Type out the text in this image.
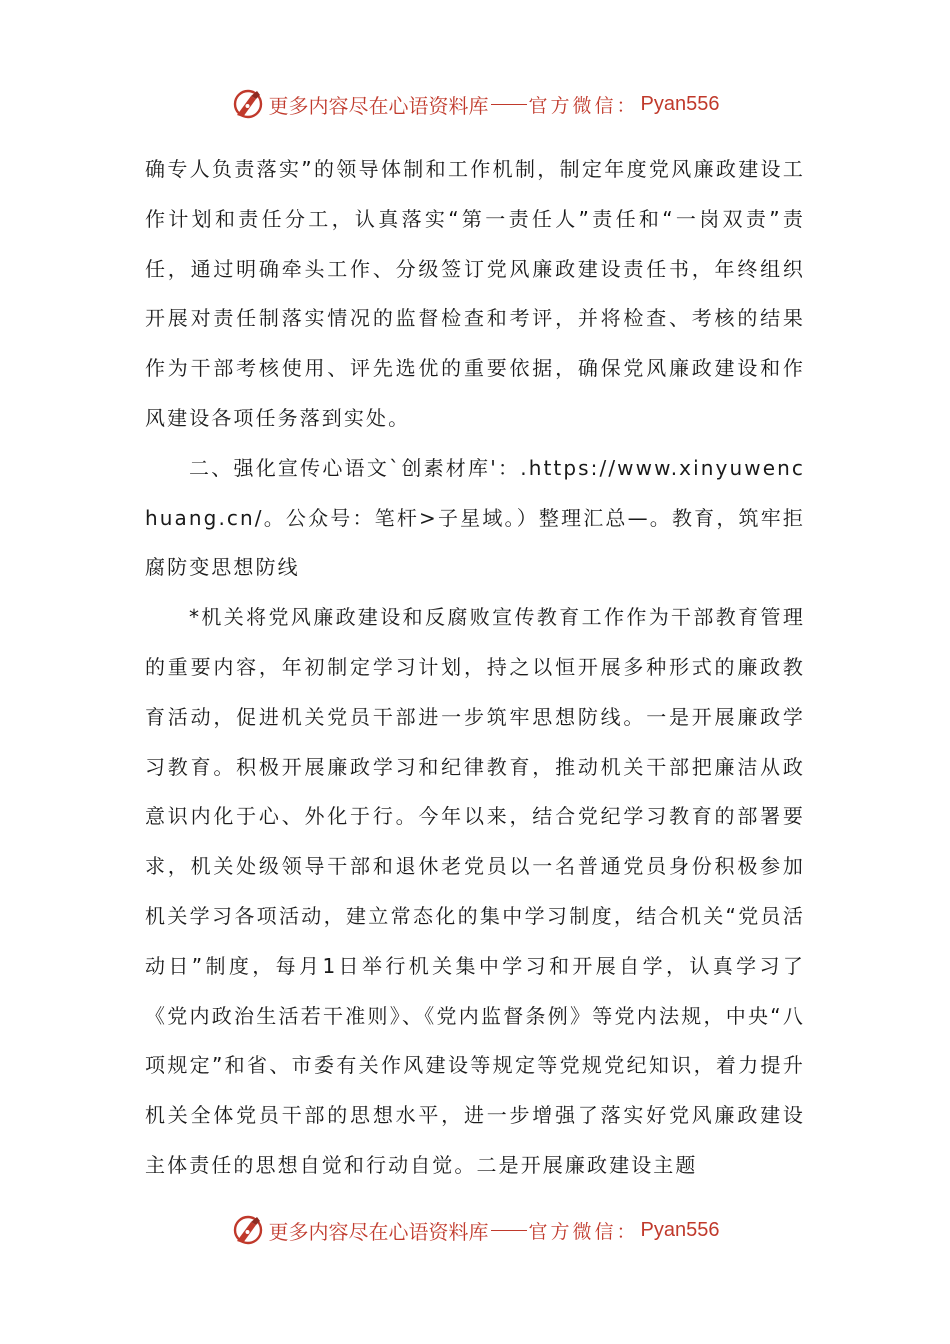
更多内容尽在心语资料库 官方微信： Pyan556

确专人负责落实”的领导体制和工作机制，制定年度党风廉政建设工作计划和责任分工，认真落实“第一责任人”责任和“一岗双责”责任，通过明确牵头工作、分级签订党风廉政建设责任书，年终组织开展对责任制落实情况的监督检查和考评，并将检查、考核的结果作为干部考核使用、评先选优的重要依据，确保党风廉政建设和作风建设各项任务落到实处。

二、强化宣传心语文`创素材库'：.https://www.xinyuwenchuang.cn/。公众号：笔杆>子星域。）整理汇总—。教育，筑牢拒腐防变思想防线

*机关将党风廉政建设和反腐败宣传教育工作作为干部教育管理的重要内容，年初制定学习计划，持之以恒开展多种形式的廉政教育活动，促进机关党员干部进一步筑牢思想防线。一是开展廉政学习教育。积极开展廉政学习和纪律教育，推动机关干部把廉洁从政意识内化于心、外化于行。今年以来，结合党纪学习教育的部署要求，机关处级领导干部和退休老党员以一名普通党员身份积极参加机关学习各项活动，建立常态化的集中学习制度，结合机关“党员活动日”制度，每月1日举行机关集中学习和开展自学，认真学习了《党内政治生活若干准则》、《党内监督条例》等党内法规，中央“八项规定”和省、市委有关作风建设等规定等党规党纪知识，着力提升机关全体党员干部的思想水平，进一步增强了落实好党风廉政建设主体责任的思想自觉和行动自觉。二是开展廉政建设主题

更多内容尽在心语资料库 官方微信： Pyan556
